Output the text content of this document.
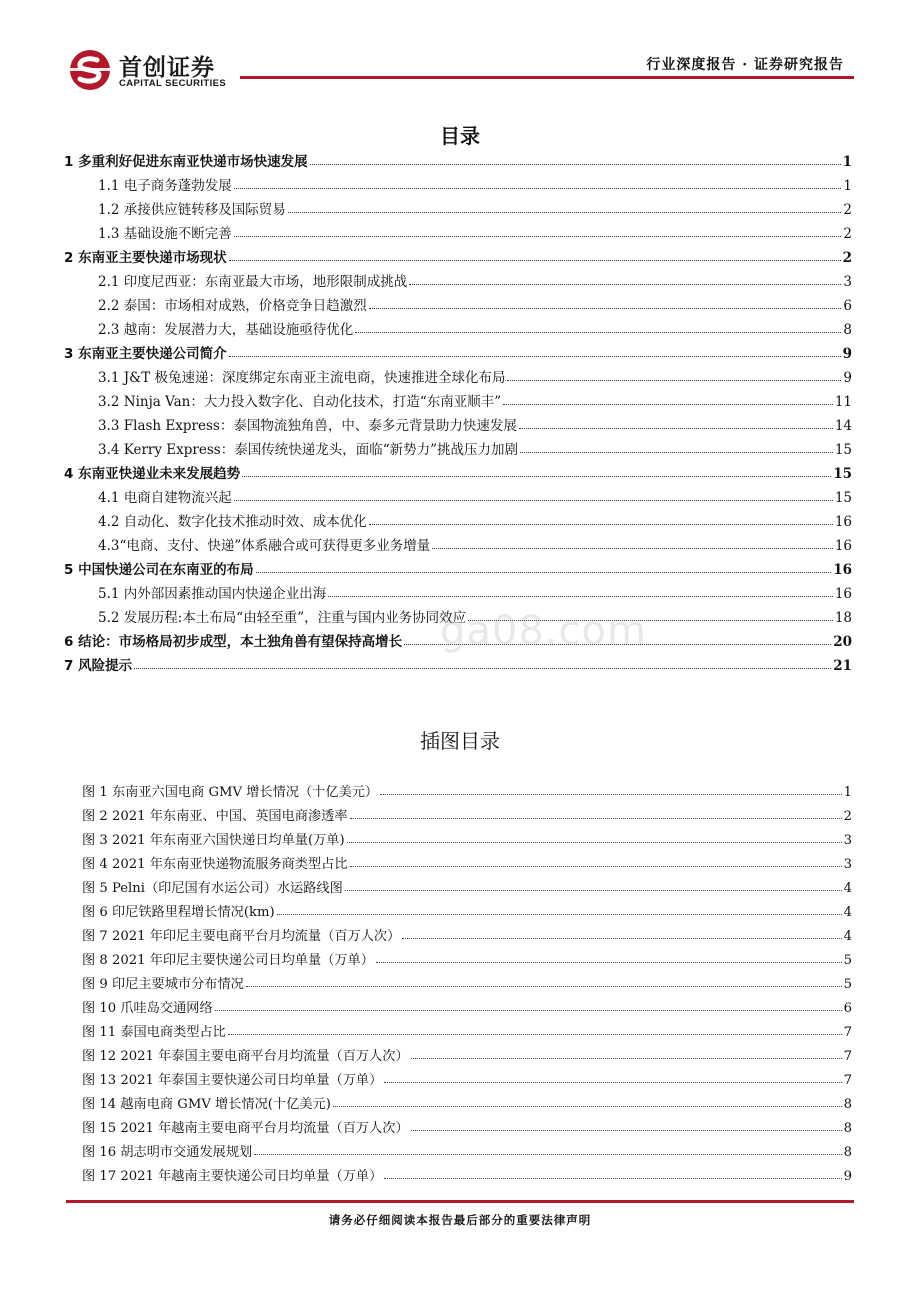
首创证券
CAPITAL SECURITIES
行业深度报告 · 证券研究报告
目录
1 多重利好促进东南亚快递市场快速发展	1
1.1 电子商务蓬勃发展	1
1.2 承接供应链转移及国际贸易	2
1.3 基础设施不断完善	2
2 东南亚主要快递市场现状	2
2.1 印度尼西亚：东南亚最大市场，地形限制成挑战	3
2.2 泰国：市场相对成熟，价格竞争日趋激烈	6
2.3 越南：发展潜力大，基础设施亟待优化	8
3 东南亚主要快递公司简介	9
3.1 J&T 极兔速递：深度绑定东南亚主流电商，快速推进全球化布局	9
3.2 Ninja Van：大力投入数字化、自动化技术，打造“东南亚顺丰”	11
3.3 Flash Express：泰国物流独角兽，中、泰多元背景助力快速发展	14
3.4 Kerry Express：泰国传统快递龙头，面临“新势力”挑战压力加剧	15
4 东南亚快递业未来发展趋势	15
4.1 电商自建物流兴起	15
4.2 自动化、数字化技术推动时效、成本优化	16
4.3“电商、支付、快递”体系融合或可获得更多业务增量	16
5 中国快递公司在东南亚的布局	16
5.1 内外部因素推动国内快递企业出海	16
5.2 发展历程:本土布局“由轻至重”，注重与国内业务协同效应	18
6 结论：市场格局初步成型，本土独角兽有望保持高增长	20
7 风险提示	21
ga08.com
插图目录
图 1 东南亚六国电商 GMV 增长情况（十亿美元）	1
图 2 2021 年东南亚、中国、英国电商渗透率	2
图 3 2021 年东南亚六国快递日均单量(万单)	3
图 4 2021 年东南亚快递物流服务商类型占比	3
图 5 Pelni（印尼国有水运公司）水运路线图	4
图 6 印尼铁路里程增长情况(km)	4
图 7 2021 年印尼主要电商平台月均流量（百万人次）	4
图 8 2021 年印尼主要快递公司日均单量（万单）	5
图 9 印尼主要城市分布情况	5
图 10 爪哇岛交通网络	6
图 11 泰国电商类型占比	7
图 12 2021 年泰国主要电商平台月均流量（百万人次）	7
图 13 2021 年泰国主要快递公司日均单量（万单）	7
图 14 越南电商 GMV 增长情况(十亿美元)	8
图 15 2021 年越南主要电商平台月均流量（百万人次）	8
图 16 胡志明市交通发展规划	8
图 17 2021 年越南主要快递公司日均单量（万单）	9
请务必仔细阅读本报告最后部分的重要法律声明
